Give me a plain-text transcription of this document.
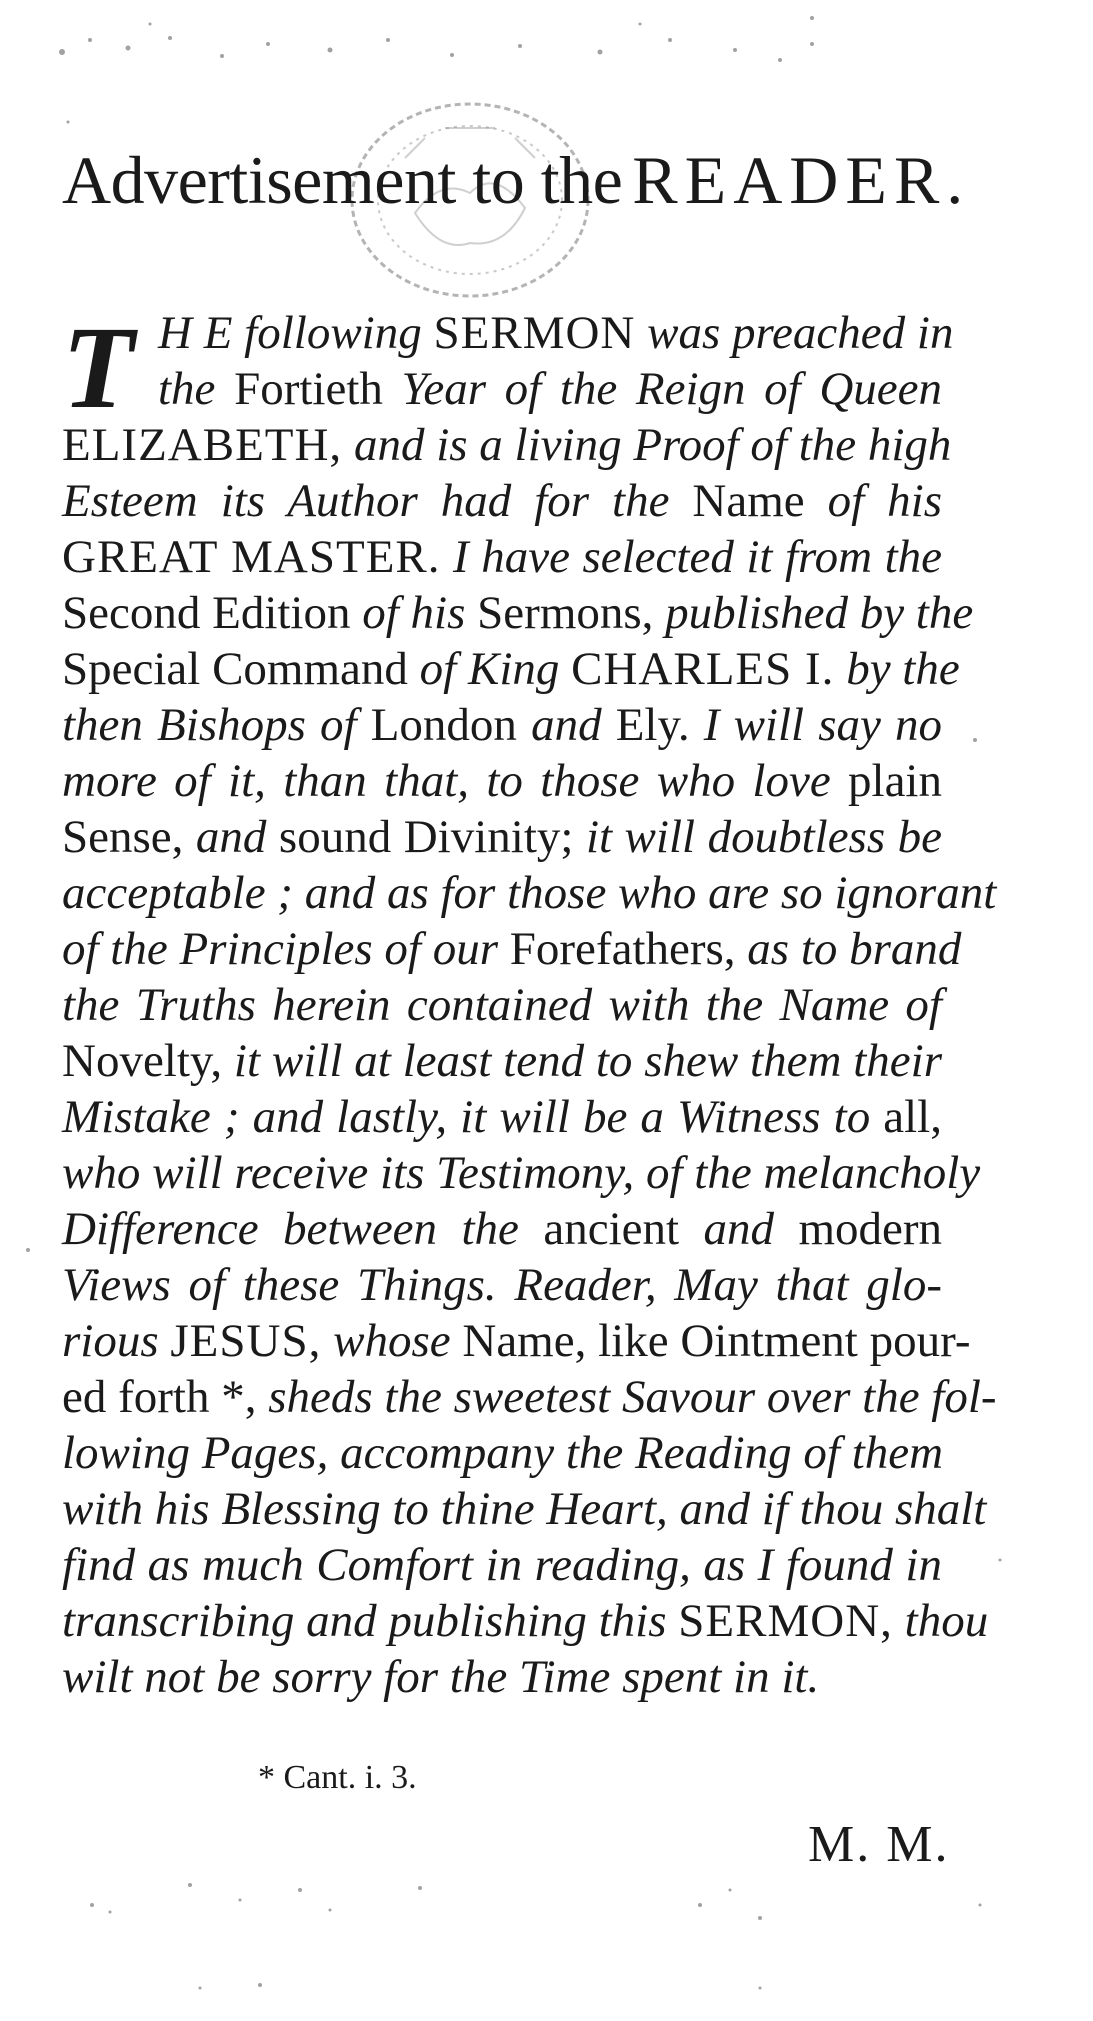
Advertisement to the READER.
T H E following SERMON was preached in
the Fortieth Year of the Reign of Queen
ELIZABETH, and is a living Proof of the high
Esteem its Author had for the Name of his
GREAT MASTER. I have selected it from the
Second Edition of his Sermons, published by the
Special Command of King CHARLES I. by the
then Bishops of London and Ely. I will say no
more of it, than that, to those who love plain
Sense, and sound Divinity; it will doubtless be
acceptable ; and as for those who are so ignorant
of the Principles of our Forefathers, as to brand
the Truths herein contained with the Name of
Novelty, it will at least tend to shew them their
Mistake ; and lastly, it will be a Witness to all,
who will receive its Testimony, of the melancholy
Difference between the ancient and modern
Views of these Things. Reader, May that glo-
rious JESUS, whose Name, like Ointment pour-
ed forth *, sheds the sweetest Savour over the fol-
lowing Pages, accompany the Reading of them
with his Blessing to thine Heart, and if thou shalt
find as much Comfort in reading, as I found in
transcribing and publishing this SERMON, thou
wilt not be sorry for the Time spent in it.
* Cant. i. 3.
M. M.
